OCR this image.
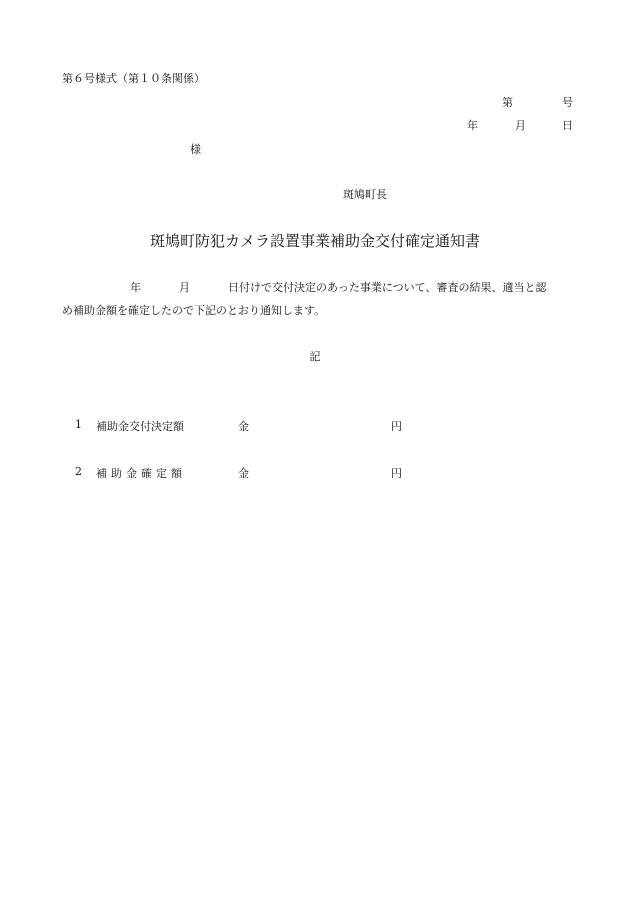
第６号様式（第１０条関係）
第	号
年	月	日
様
斑鳩町長
斑鳩町防犯カメラ設置事業補助金交付確定通知書
年	月	日付けで交付決定のあった事業について、審査の結果、適当と認
め補助金額を確定したので下記のとおり通知します。
記
1 補助金交付決定額	金	円
2 補助金確定額	金	円
